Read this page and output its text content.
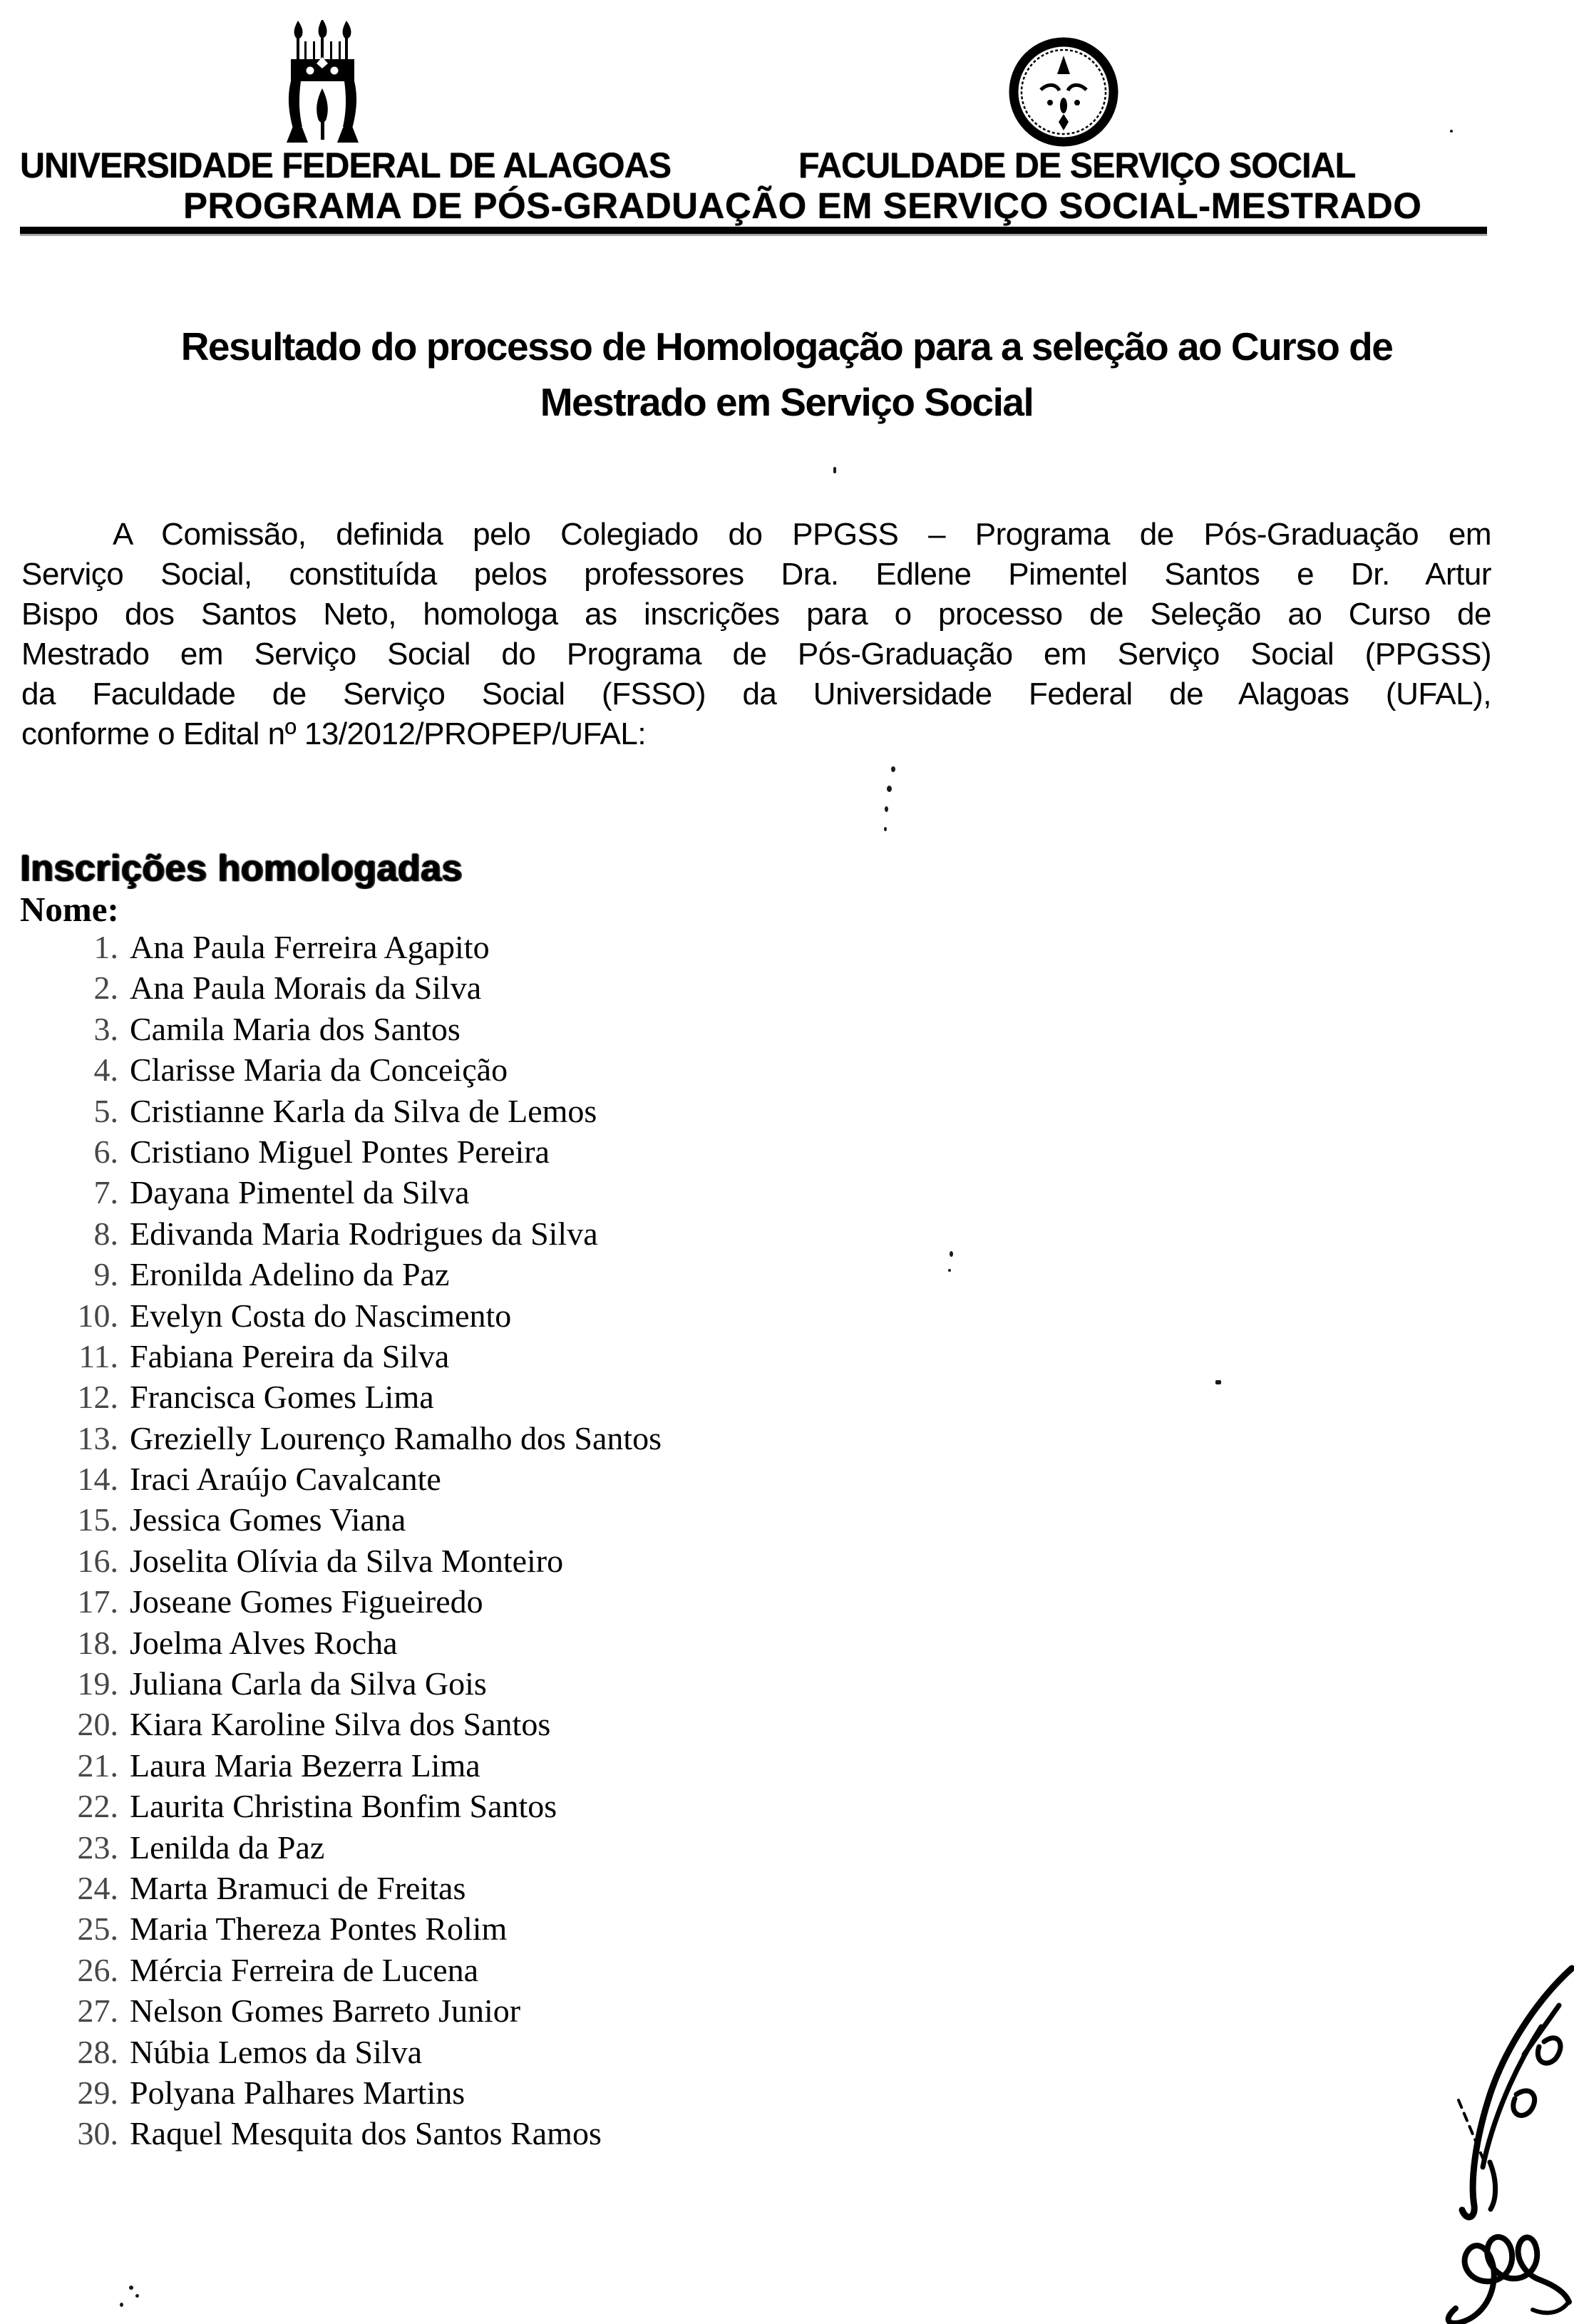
UNIVERSIDADE FEDERAL DE ALAGOAS	FACULDADE DE SERVIÇO SOCIAL
PROGRAMA DE PÓS-GRADUAÇÃO EM SERVIÇO SOCIAL-MESTRADO
Resultado do processo de Homologação para a seleção ao Curso de
Mestrado em Serviço Social
A Comissão, definida pelo Colegiado do PPGSS – Programa de Pós-Graduação em
Serviço Social, constituída pelos professores Dra. Edlene Pimentel Santos e Dr. Artur
Bispo dos Santos Neto, homologa as inscrições para o processo de Seleção ao Curso de
Mestrado em Serviço Social do Programa de Pós-Graduação em Serviço Social (PPGSS)
da Faculdade de Serviço Social (FSSO) da Universidade Federal de Alagoas (UFAL),
conforme o Edital nº 13/2012/PROPEP/UFAL:
Inscrições homologadas
Nome:
1. Ana Paula Ferreira Agapito
2. Ana Paula Morais da Silva
3. Camila Maria dos Santos
4. Clarisse Maria da Conceição
5. Cristianne Karla da Silva de Lemos
6. Cristiano Miguel Pontes Pereira
7. Dayana Pimentel da Silva
8. Edivanda Maria Rodrigues da Silva
9. Eronilda Adelino da Paz
10. Evelyn Costa do Nascimento
11. Fabiana Pereira da Silva
12. Francisca Gomes Lima
13. Grezielly Lourenço Ramalho dos Santos
14. Iraci Araújo Cavalcante
15. Jessica Gomes Viana
16. Joselita Olívia da Silva Monteiro
17. Joseane Gomes Figueiredo
18. Joelma Alves Rocha
19. Juliana Carla da Silva Gois
20. Kiara Karoline Silva dos Santos
21. Laura Maria Bezerra Lima
22. Laurita Christina Bonfim Santos
23. Lenilda da Paz
24. Marta Bramuci de Freitas
25. Maria Thereza Pontes Rolim
26. Mércia Ferreira de Lucena
27. Nelson Gomes Barreto Junior
28. Núbia Lemos da Silva
29. Polyana Palhares Martins
30. Raquel Mesquita dos Santos Ramos
